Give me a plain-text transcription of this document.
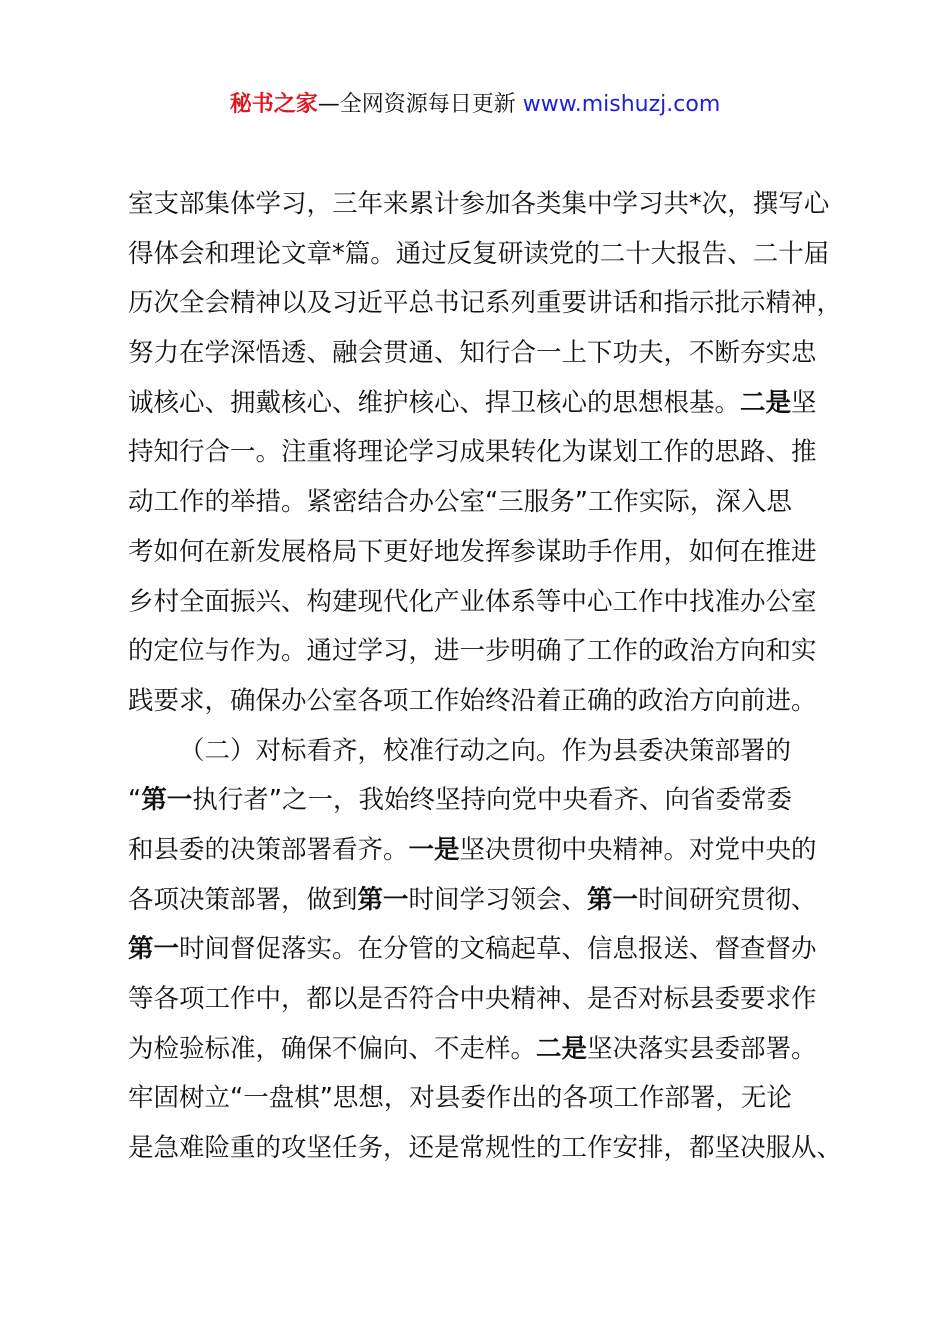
秘书之家—全网资源每日更新 www.mishuzj.com
室支部集体学习，三年来累计参加各类集中学习共*次，撰写心
得体会和理论文章*篇。通过反复研读党的二十大报告、二十届
历次全会精神以及习近平总书记系列重要讲话和指示批示精神，
努力在学深悟透、融会贯通、知行合一上下功夫，不断夯实忠
诚核心、拥戴核心、维护核心、捍卫核心的思想根基。二是坚
持知行合一。注重将理论学习成果转化为谋划工作的思路、推
动工作的举措。紧密结合办公室“三服务”工作实际，深入思
考如何在新发展格局下更好地发挥参谋助手作用，如何在推进
乡村全面振兴、构建现代化产业体系等中心工作中找准办公室
的定位与作为。通过学习，进一步明确了工作的政治方向和实
践要求，确保办公室各项工作始终沿着正确的政治方向前进。
（二）对标看齐，校准行动之向。作为县委决策部署的
“第一执行者”之一，我始终坚持向党中央看齐、向省委常委
和县委的决策部署看齐。一是坚决贯彻中央精神。对党中央的
各项决策部署，做到第一时间学习领会、第一时间研究贯彻、
第一时间督促落实。在分管的文稿起草、信息报送、督查督办
等各项工作中，都以是否符合中央精神、是否对标县委要求作
为检验标准，确保不偏向、不走样。二是坚决落实县委部署。
牢固树立“一盘棋”思想，对县委作出的各项工作部署，无论
是急难险重的攻坚任务，还是常规性的工作安排，都坚决服从、
